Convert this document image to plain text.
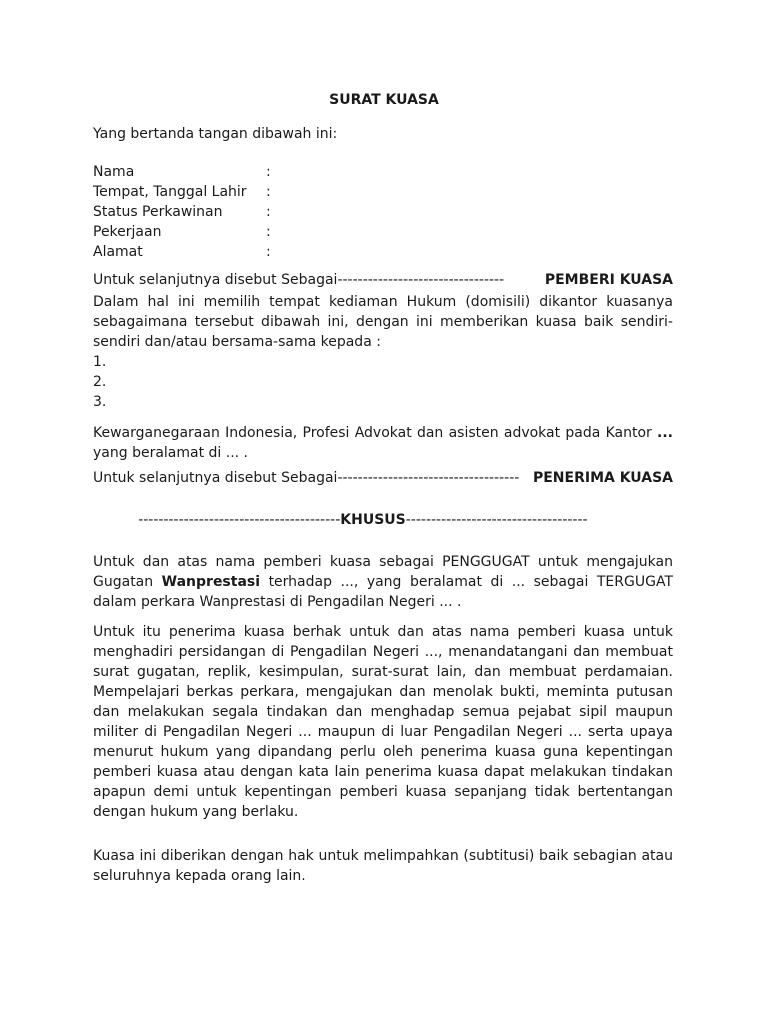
SURAT KUASA
Yang bertanda tangan dibawah ini:
Nama	:
Tempat, Tanggal Lahir :
Status Perkawinan	:
Pekerjaan	:
Alamat	:
Untuk selanjutnya disebut Sebagai ---------------------------------	PEMBERI KUASA
Dalam hal ini memilih tempat kediaman Hukum (domisili) dikantor kuasanya sebagaimana tersebut dibawah ini, dengan ini memberikan kuasa baik sendiri-sendiri dan/atau bersama-sama kepada :
1.
2.
3.
Kewarganegaraan Indonesia, Profesi Advokat dan asisten advokat pada Kantor ...
yang beralamat di ... .
Untuk selanjutnya disebut Sebagai ------------------------------------ PENERIMA KUASA
---------------------------------------- KHUSUS ------------------------------------
Untuk dan atas nama pemberi kuasa sebagai PENGGUGAT untuk mengajukan Gugatan Wanprestasi terhadap ..., yang beralamat di ... sebagai TERGUGAT dalam perkara Wanprestasi di Pengadilan Negeri ... .
Untuk itu penerima kuasa berhak untuk dan atas nama pemberi kuasa untuk menghadiri persidangan di Pengadilan Negeri ..., menandatangani dan membuat surat gugatan, replik, kesimpulan, surat-surat lain, dan membuat perdamaian. Mempelajari berkas perkara, mengajukan dan menolak bukti, meminta putusan dan melakukan segala tindakan dan menghadap semua pejabat sipil maupun militer di Pengadilan Negeri ... maupun di luar Pengadilan Negeri ... serta upaya menurut hukum yang dipandang perlu oleh penerima kuasa guna kepentingan pemberi kuasa atau dengan kata lain penerima kuasa dapat melakukan tindakan apapun demi untuk kepentingan pemberi kuasa sepanjang tidak bertentangan dengan hukum yang berlaku.
Kuasa ini diberikan dengan hak untuk melimpahkan (subtitusi) baik sebagian atau seluruhnya kepada orang lain.
